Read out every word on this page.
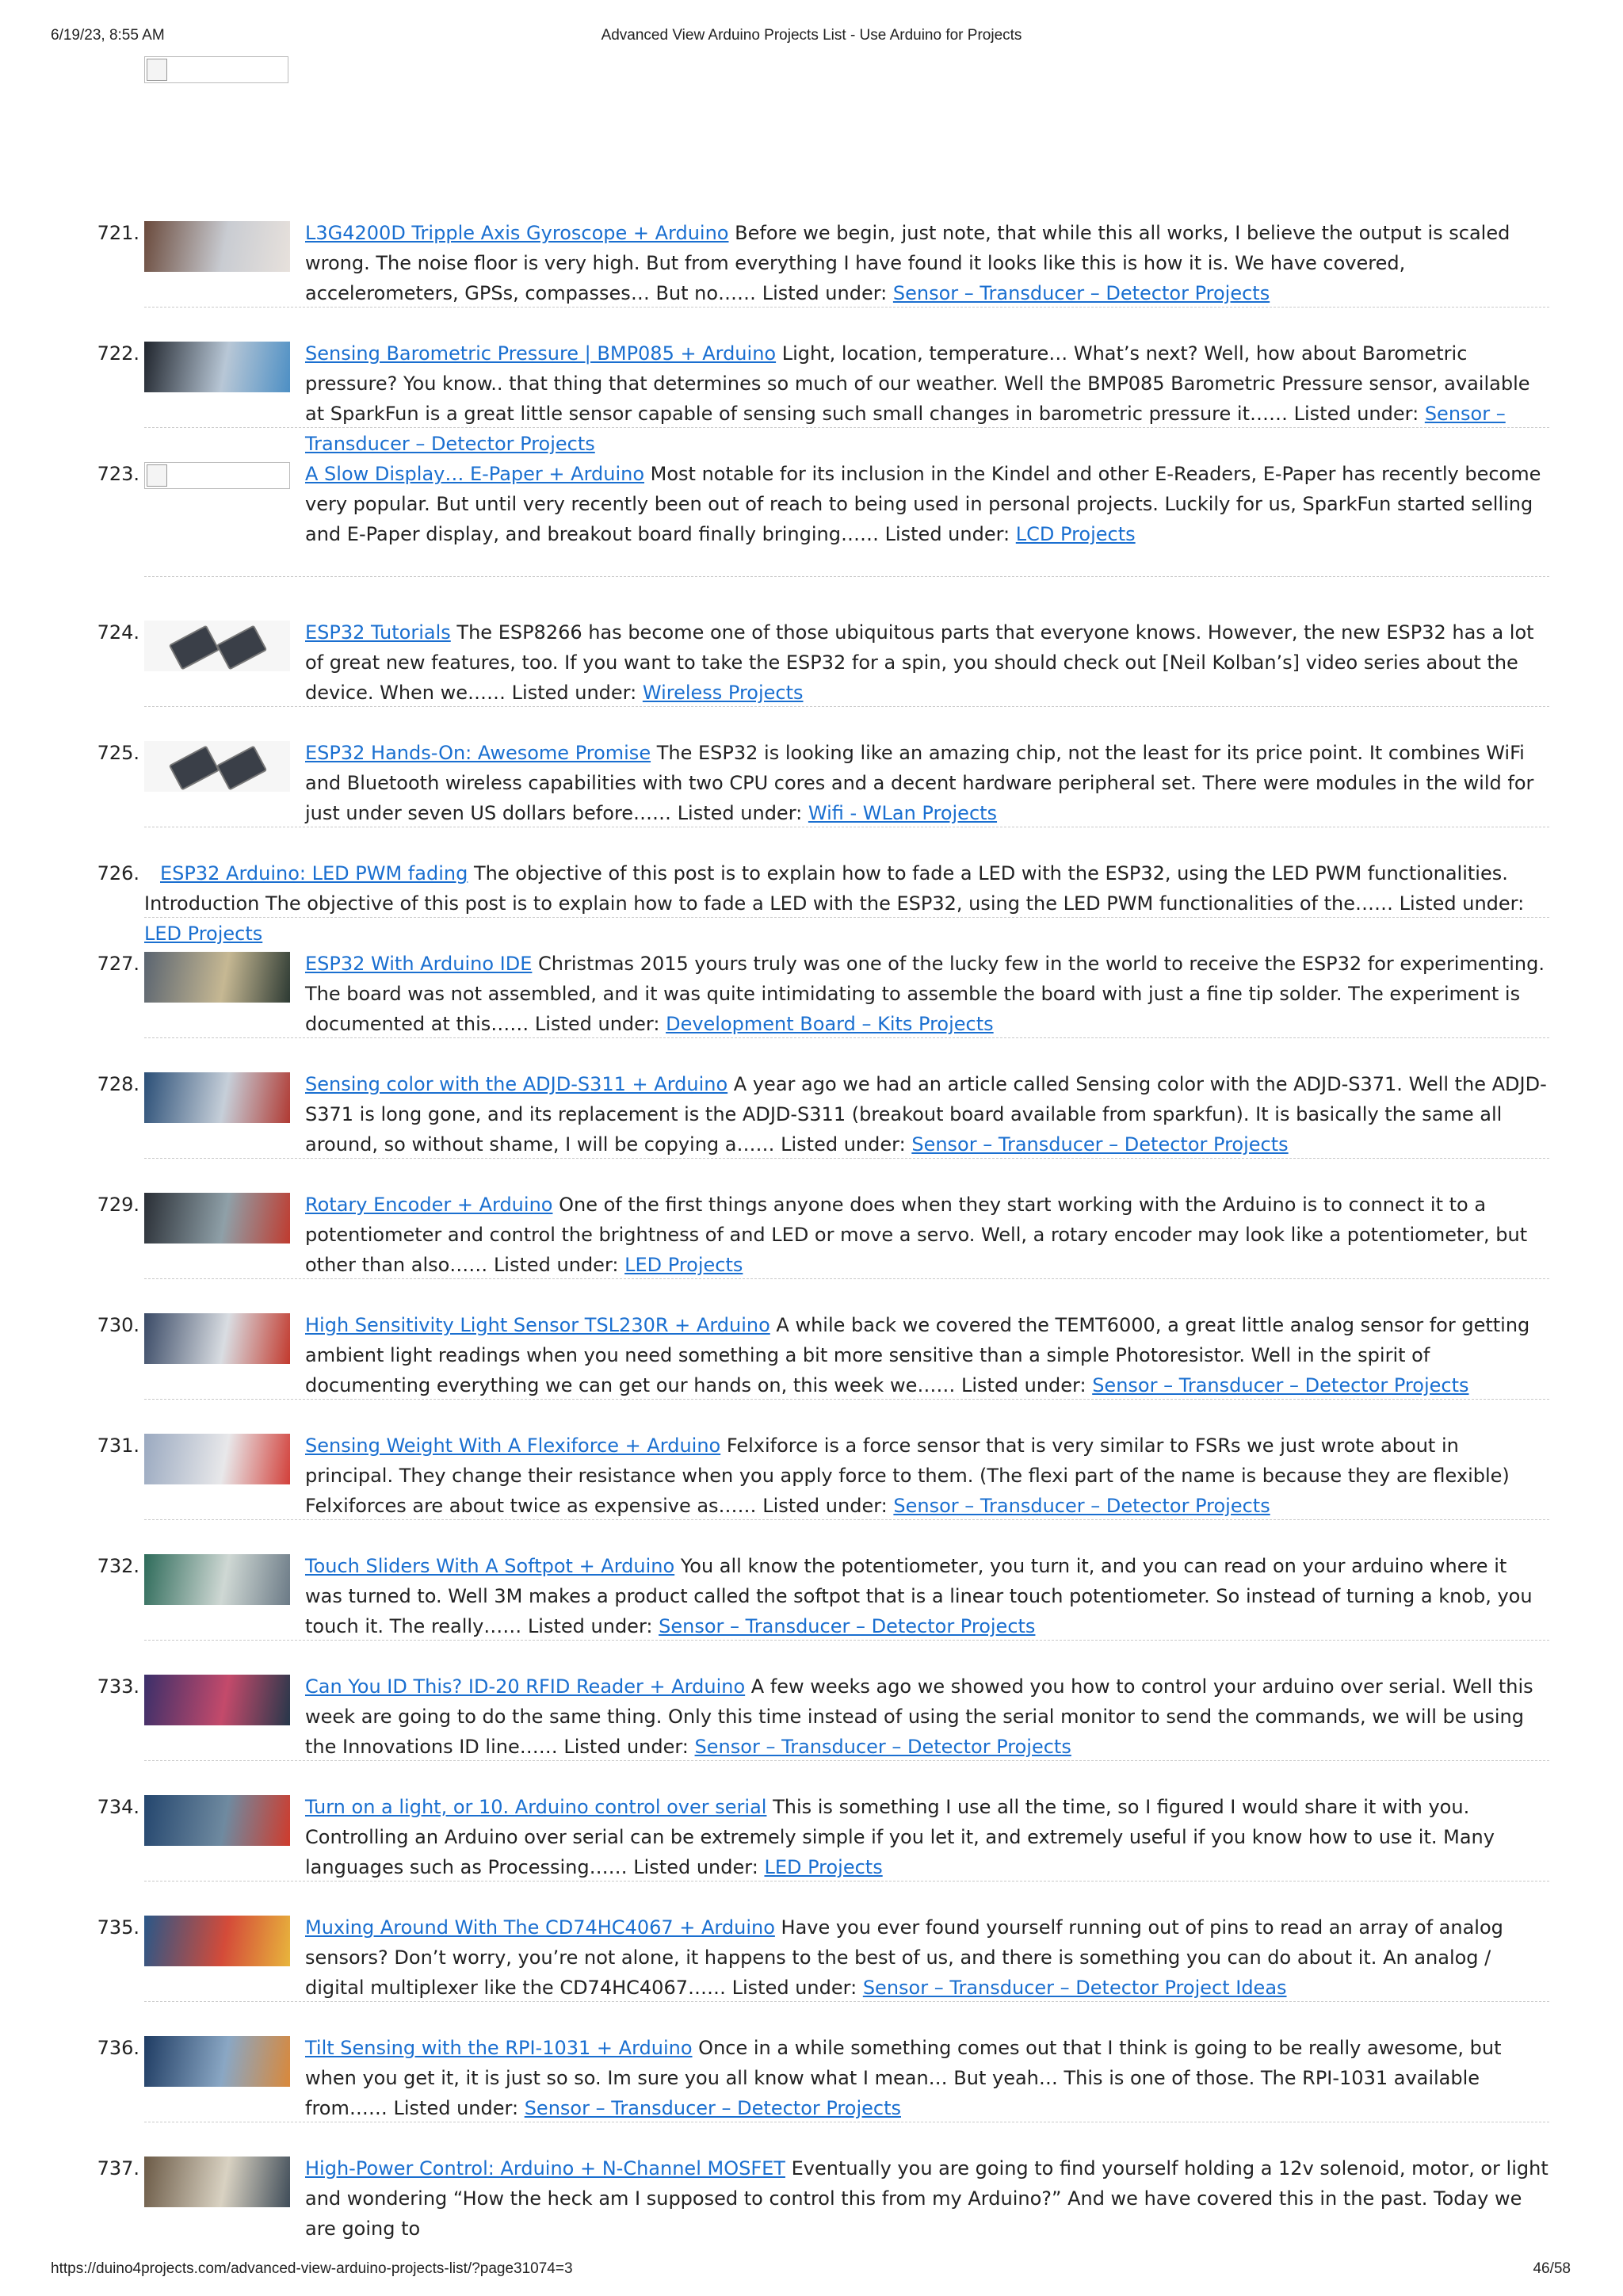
6/19/23, 8:55 AM	Advanced View Arduino Projects List - Use Arduino for Projects
721.	L3G4200D Tripple Axis Gyroscope + Arduino Before we begin, just note, that while this all works, I believe the output is scaled wrong. The noise floor is very high. But from everything I have found it looks like this is how it is. We have covered, accelerometers, GPSs, compasses… But no…… Listed under: Sensor – Transducer – Detector Projects
722.	Sensing Barometric Pressure | BMP085 + Arduino Light, location, temperature… What’s next? Well, how about Barometric pressure? You know.. that thing that determines so much of our weather. Well the BMP085 Barometric Pressure sensor, available at SparkFun is a great little sensor capable of sensing such small changes in barometric pressure it…… Listed under: Sensor – Transducer – Detector Projects
723.	A Slow Display… E-Paper + Arduino Most notable for its inclusion in the Kindel and other E-Readers, E-Paper has recently become very popular. But until very recently been out of reach to being used in personal projects. Luckily for us, SparkFun started selling and E-Paper display, and breakout board finally bringing…… Listed under: LCD Projects
724.	ESP32 Tutorials The ESP8266 has become one of those ubiquitous parts that everyone knows. However, the new ESP32 has a lot of great new features, too. If you want to take the ESP32 for a spin, you should check out [Neil Kolban’s] video series about the device. When we…… Listed under: Wireless Projects
725.	ESP32 Hands-On: Awesome Promise The ESP32 is looking like an amazing chip, not the least for its price point. It combines WiFi and Bluetooth wireless capabilities with two CPU cores and a decent hardware peripheral set. There were modules in the wild for just under seven US dollars before…… Listed under: Wifi - WLan Projects
726.	ESP32 Arduino: LED PWM fading The objective of this post is to explain how to fade a LED with the ESP32, using the LED PWM functionalities. Introduction The objective of this post is to explain how to fade a LED with the ESP32, using the LED PWM functionalities of the…… Listed under: LED Projects
727.	ESP32 With Arduino IDE Christmas 2015 yours truly was one of the lucky few in the world to receive the ESP32 for experimenting. The board was not assembled, and it was quite intimidating to assemble the board with just a fine tip solder. The experiment is documented at this…… Listed under: Development Board – Kits Projects
728.	Sensing color with the ADJD-S311 + Arduino A year ago we had an article called Sensing color with the ADJD-S371. Well the ADJD-S371 is long gone, and its replacement is the ADJD-S311 (breakout board available from sparkfun). It is basically the same all around, so without shame, I will be copying a…… Listed under: Sensor – Transducer – Detector Projects
729.	Rotary Encoder + Arduino One of the first things anyone does when they start working with the Arduino is to connect it to a potentiometer and control the brightness of and LED or move a servo. Well, a rotary encoder may look like a potentiometer, but other than also…… Listed under: LED Projects
730.	High Sensitivity Light Sensor TSL230R + Arduino A while back we covered the TEMT6000, a great little analog sensor for getting ambient light readings when you need something a bit more sensitive than a simple Photoresistor. Well in the spirit of documenting everything we can get our hands on, this week we…… Listed under: Sensor – Transducer – Detector Projects
731.	Sensing Weight With A Flexiforce + Arduino Felxiforce is a force sensor that is very similar to FSRs we just wrote about in principal. They change their resistance when you apply force to them. (The flexi part of the name is because they are flexible) Felxiforces are about twice as expensive as…… Listed under: Sensor – Transducer – Detector Projects
732.	Touch Sliders With A Softpot + Arduino You all know the potentiometer, you turn it, and you can read on your arduino where it was turned to. Well 3M makes a product called the softpot that is a linear touch potentiometer. So instead of turning a knob, you touch it. The really…… Listed under: Sensor – Transducer – Detector Projects
733.	Can You ID This? ID-20 RFID Reader + Arduino A few weeks ago we showed you how to control your arduino over serial. Well this week are going to do the same thing. Only this time instead of using the serial monitor to send the commands, we will be using the Innovations ID line…… Listed under: Sensor – Transducer – Detector Projects
734.	Turn on a light, or 10. Arduino control over serial This is something I use all the time, so I figured I would share it with you. Controlling an Arduino over serial can be extremely simple if you let it, and extremely useful if you know how to use it. Many languages such as Processing…… Listed under: LED Projects
735.	Muxing Around With The CD74HC4067 + Arduino Have you ever found yourself running out of pins to read an array of analog sensors? Don’t worry, you’re not alone, it happens to the best of us, and there is something you can do about it. An analog / digital multiplexer like the CD74HC4067…… Listed under: Sensor – Transducer – Detector Project Ideas
736.	Tilt Sensing with the RPI-1031 + Arduino Once in a while something comes out that I think is going to be really awesome, but when you get it, it is just so so. Im sure you all know what I mean… But yeah… This is one of those. The RPI-1031 available from…… Listed under: Sensor – Transducer – Detector Projects
737.	High-Power Control: Arduino + N-Channel MOSFET Eventually you are going to find yourself holding a 12v solenoid, motor, or light and wondering “How the heck am I supposed to control this from my Arduino?” And we have covered this in the past. Today we are going to
https://duino4projects.com/advanced-view-arduino-projects-list/?page31074=3	46/58
